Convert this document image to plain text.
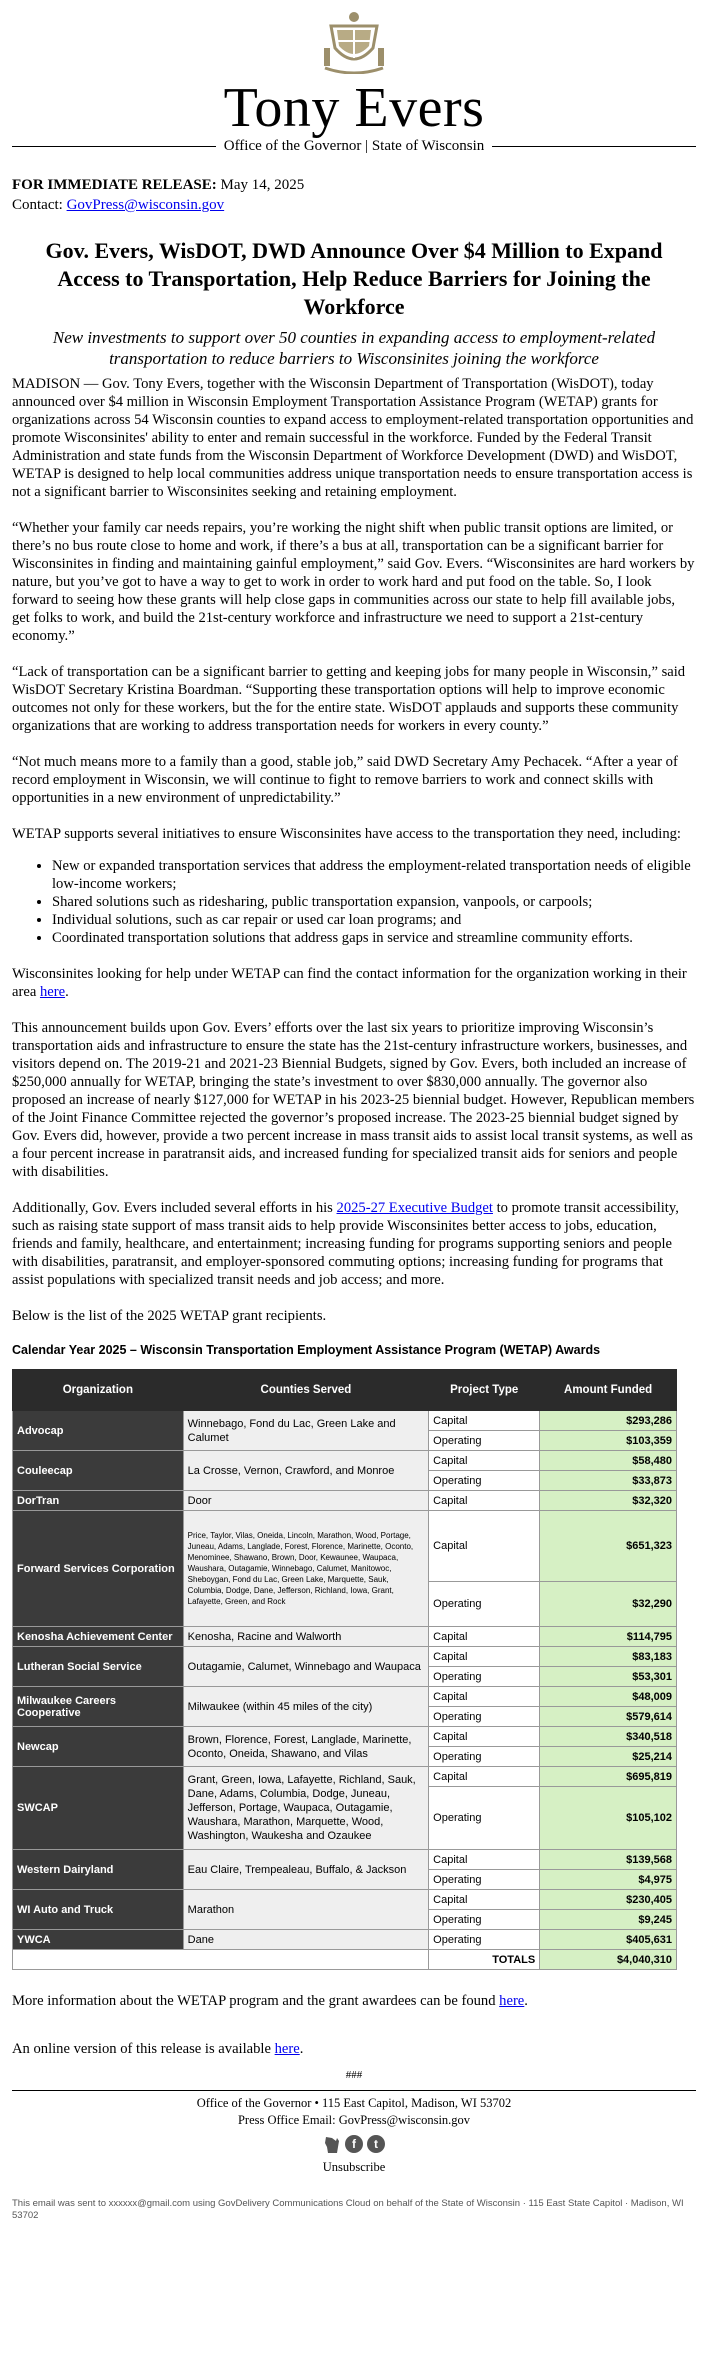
Tony Evers
Office of the Governor | State of Wisconsin
FOR IMMEDIATE RELEASE: May 14, 2025
Contact: GovPress@wisconsin.gov
Gov. Evers, WisDOT, DWD Announce Over $4 Million to Expand Access to Transportation, Help Reduce Barriers for Joining the Workforce
New investments to support over 50 counties in expanding access to employment-related transportation to reduce barriers to Wisconsinites joining the workforce

MADISON — Gov. Tony Evers, together with the Wisconsin Department of Transportation (WisDOT), today announced over $4 million in Wisconsin Employment Transportation Assistance Program (WETAP) grants for organizations across 54 Wisconsin counties to expand access to employment-related transportation opportunities and promote Wisconsinites' ability to enter and remain successful in the workforce. Funded by the Federal Transit Administration and state funds from the Wisconsin Department of Workforce Development (DWD) and WisDOT, WETAP is designed to help local communities address unique transportation needs to ensure transportation access is not a significant barrier to Wisconsinites seeking and retaining employment.

“Whether your family car needs repairs, you’re working the night shift when public transit options are limited, or there’s no bus route close to home and work, if there’s a bus at all, transportation can be a significant barrier for Wisconsinites in finding and maintaining gainful employment,” said Gov. Evers. “Wisconsinites are hard workers by nature, but you’ve got to have a way to get to work in order to work hard and put food on the table. So, I look forward to seeing how these grants will help close gaps in communities across our state to help fill available jobs, get folks to work, and build the 21st-century workforce and infrastructure we need to support a 21st-century economy.”

“Lack of transportation can be a significant barrier to getting and keeping jobs for many people in Wisconsin,” said WisDOT Secretary Kristina Boardman. “Supporting these transportation options will help to improve economic outcomes not only for these workers, but the for the entire state. WisDOT applauds and supports these community organizations that are working to address transportation needs for workers in every county.”

“Not much means more to a family than a good, stable job,” said DWD Secretary Amy Pechacek. “After a year of record employment in Wisconsin, we will continue to fight to remove barriers to work and connect skills with opportunities in a new environment of unpredictability.”

WETAP supports several initiatives to ensure Wisconsinites have access to the transportation they need, including:

• New or expanded transportation services that address the employment-related transportation needs of eligible low-income workers;
• Shared solutions such as ridesharing, public transportation expansion, vanpools, or carpools;
• Individual solutions, such as car repair or used car loan programs; and
• Coordinated transportation solutions that address gaps in service and streamline community efforts.

Wisconsinites looking for help under WETAP can find the contact information for the organization working in their area here.

This announcement builds upon Gov. Evers’ efforts over the last six years to prioritize improving Wisconsin’s transportation aids and infrastructure to ensure the state has the 21st-century infrastructure workers, businesses, and visitors depend on. The 2019-21 and 2021-23 Biennial Budgets, signed by Gov. Evers, both included an increase of $250,000 annually for WETAP, bringing the state’s investment to over $830,000 annually. The governor also proposed an increase of nearly $127,000 for WETAP in his 2023-25 biennial budget. However, Republican members of the Joint Finance Committee rejected the governor’s proposed increase. The 2023-25 biennial budget signed by Gov. Evers did, however, provide a two percent increase in mass transit aids to assist local transit systems, as well as a four percent increase in paratransit aids, and increased funding for specialized transit aids for seniors and people with disabilities.

Additionally, Gov. Evers included several efforts in his 2025-27 Executive Budget to promote transit accessibility, such as raising state support of mass transit aids to help provide Wisconsinites better access to jobs, education, friends and family, healthcare, and entertainment; increasing funding for programs supporting seniors and people with disabilities, paratransit, and employer-sponsored commuting options; increasing funding for programs that assist populations with specialized transit needs and job access; and more.

Below is the list of the 2025 WETAP grant recipients.

Calendar Year 2025 – Wisconsin Transportation Employment Assistance Program (WETAP) Awards
Organization	Counties Served	Project Type	Amount Funded
Advocap	Winnebago, Fond du Lac, Green Lake and Calumet	Capital	$293,286
		Operating	$103,359
Couleecap	La Crosse, Vernon, Crawford, and Monroe	Capital	$58,480
		Operating	$33,873
DorTran	Door	Capital	$32,320
Forward Services Corporation	Price, Taylor, Vilas, Oneida, Lincoln, Marathon, Wood, Portage, Juneau, Adams, Langlade, Forest, Florence, Marinette, Oconto, Menominee, Shawano, Brown, Door, Kewaunee, Waupaca, Waushara, Outagamie, Winnebago, Calumet, Manitowoc, Sheboygan, Fond du Lac, Green Lake, Marquette, Sauk, Columbia, Dodge, Dane, Jefferson, Richland, Iowa, Grant, Lafayette, Green, and Rock	Capital	$651,323
		Operating	$32,290
Kenosha Achievement Center	Kenosha, Racine and Walworth	Capital	$114,795
Lutheran Social Service	Outagamie, Calumet, Winnebago and Waupaca	Capital	$83,183
		Operating	$53,301
Milwaukee Careers Cooperative	Milwaukee (within 45 miles of the city)	Capital	$48,009
		Operating	$579,614
Newcap	Brown, Florence, Forest, Langlade, Marinette, Oconto, Oneida, Shawano, and Vilas	Capital	$340,518
		Operating	$25,214
SWCAP	Grant, Green, Iowa, Lafayette, Richland, Sauk, Dane, Adams, Columbia, Dodge, Juneau, Jefferson, Portage, Waupaca, Outagamie, Waushara, Marathon, Marquette, Wood, Washington, Waukesha and Ozaukee	Capital	$695,819
		Operating	$105,102
Western Dairyland	Eau Claire, Trempealeau, Buffalo, & Jackson	Capital	$139,568
		Operating	$4,975
WI Auto and Truck	Marathon	Capital	$230,405
		Operating	$9,245
YWCA	Dane	Operating	$405,631
		TOTALS	$4,040,310

More information about the WETAP program and the grant awardees can be found here.

An online version of this release is available here.

###
Office of the Governor • 115 East Capitol, Madison, WI 53702
Press Office Email: GovPress@wisconsin.gov
f	t
Unsubscribe
This email was sent to xxxxxx@gmail.com using GovDelivery Communications Cloud on behalf of the State of Wisconsin · 115 East State Capitol · Madison, WI 53702
